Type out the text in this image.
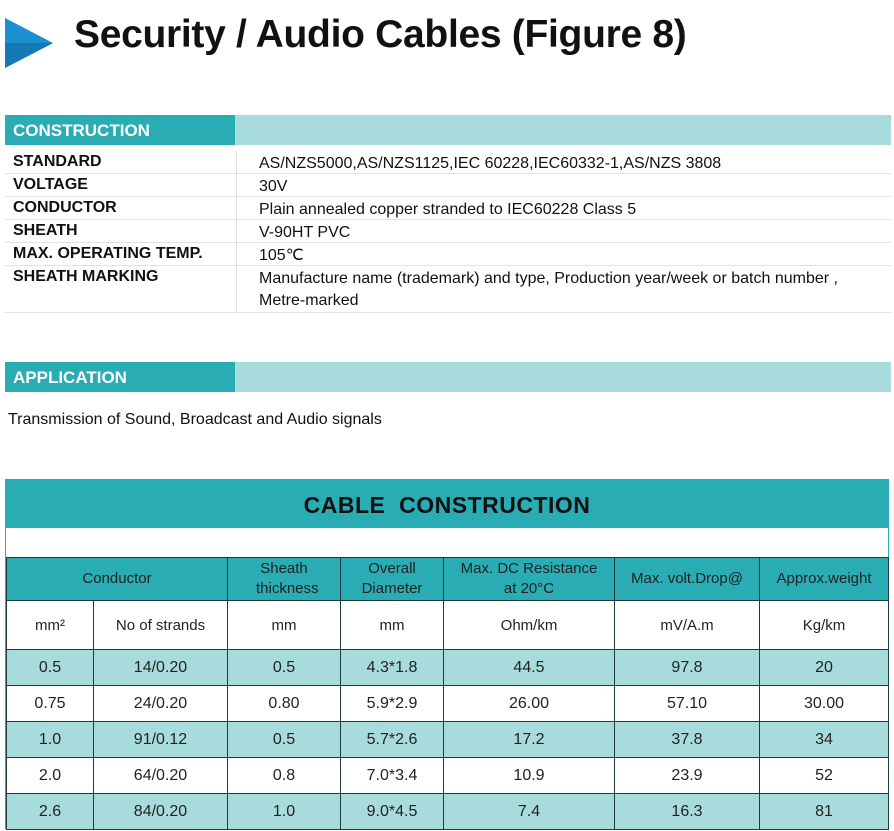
Security / Audio Cables (Figure 8)
CONSTRUCTION
STANDARD	AS/NZS5000,AS/NZS1125,IEC 60228,IEC60332-1,AS/NZS 3808
VOLTAGE	30V
CONDUCTOR	Plain annealed copper stranded to IEC60228 Class 5
SHEATH	V-90HT PVC
MAX. OPERATING TEMP.	105℃
SHEATH MARKING	Manufacture name (trademark) and type, Production year/week or batch number , Metre-marked
APPLICATION
Transmission of Sound, Broadcast and Audio signals
CABLE  CONSTRUCTION
Conductor		Sheath thickness	Overall Diameter	Max. DC Resistance at 20°C	Max. volt.Drop@	Approx.weight
mm²	No of strands	mm	mm	Ohm/km	mV/A.m	Kg/km
0.5	14/0.20	0.5	4.3*1.8	44.5	97.8	20
0.75	24/0.20	0.80	5.9*2.9	26.00	57.10	30.00
1.0	91/0.12	0.5	5.7*2.6	17.2	37.8	34
2.0	64/0.20	0.8	7.0*3.4	10.9	23.9	52
2.6	84/0.20	1.0	9.0*4.5	7.4	16.3	81
